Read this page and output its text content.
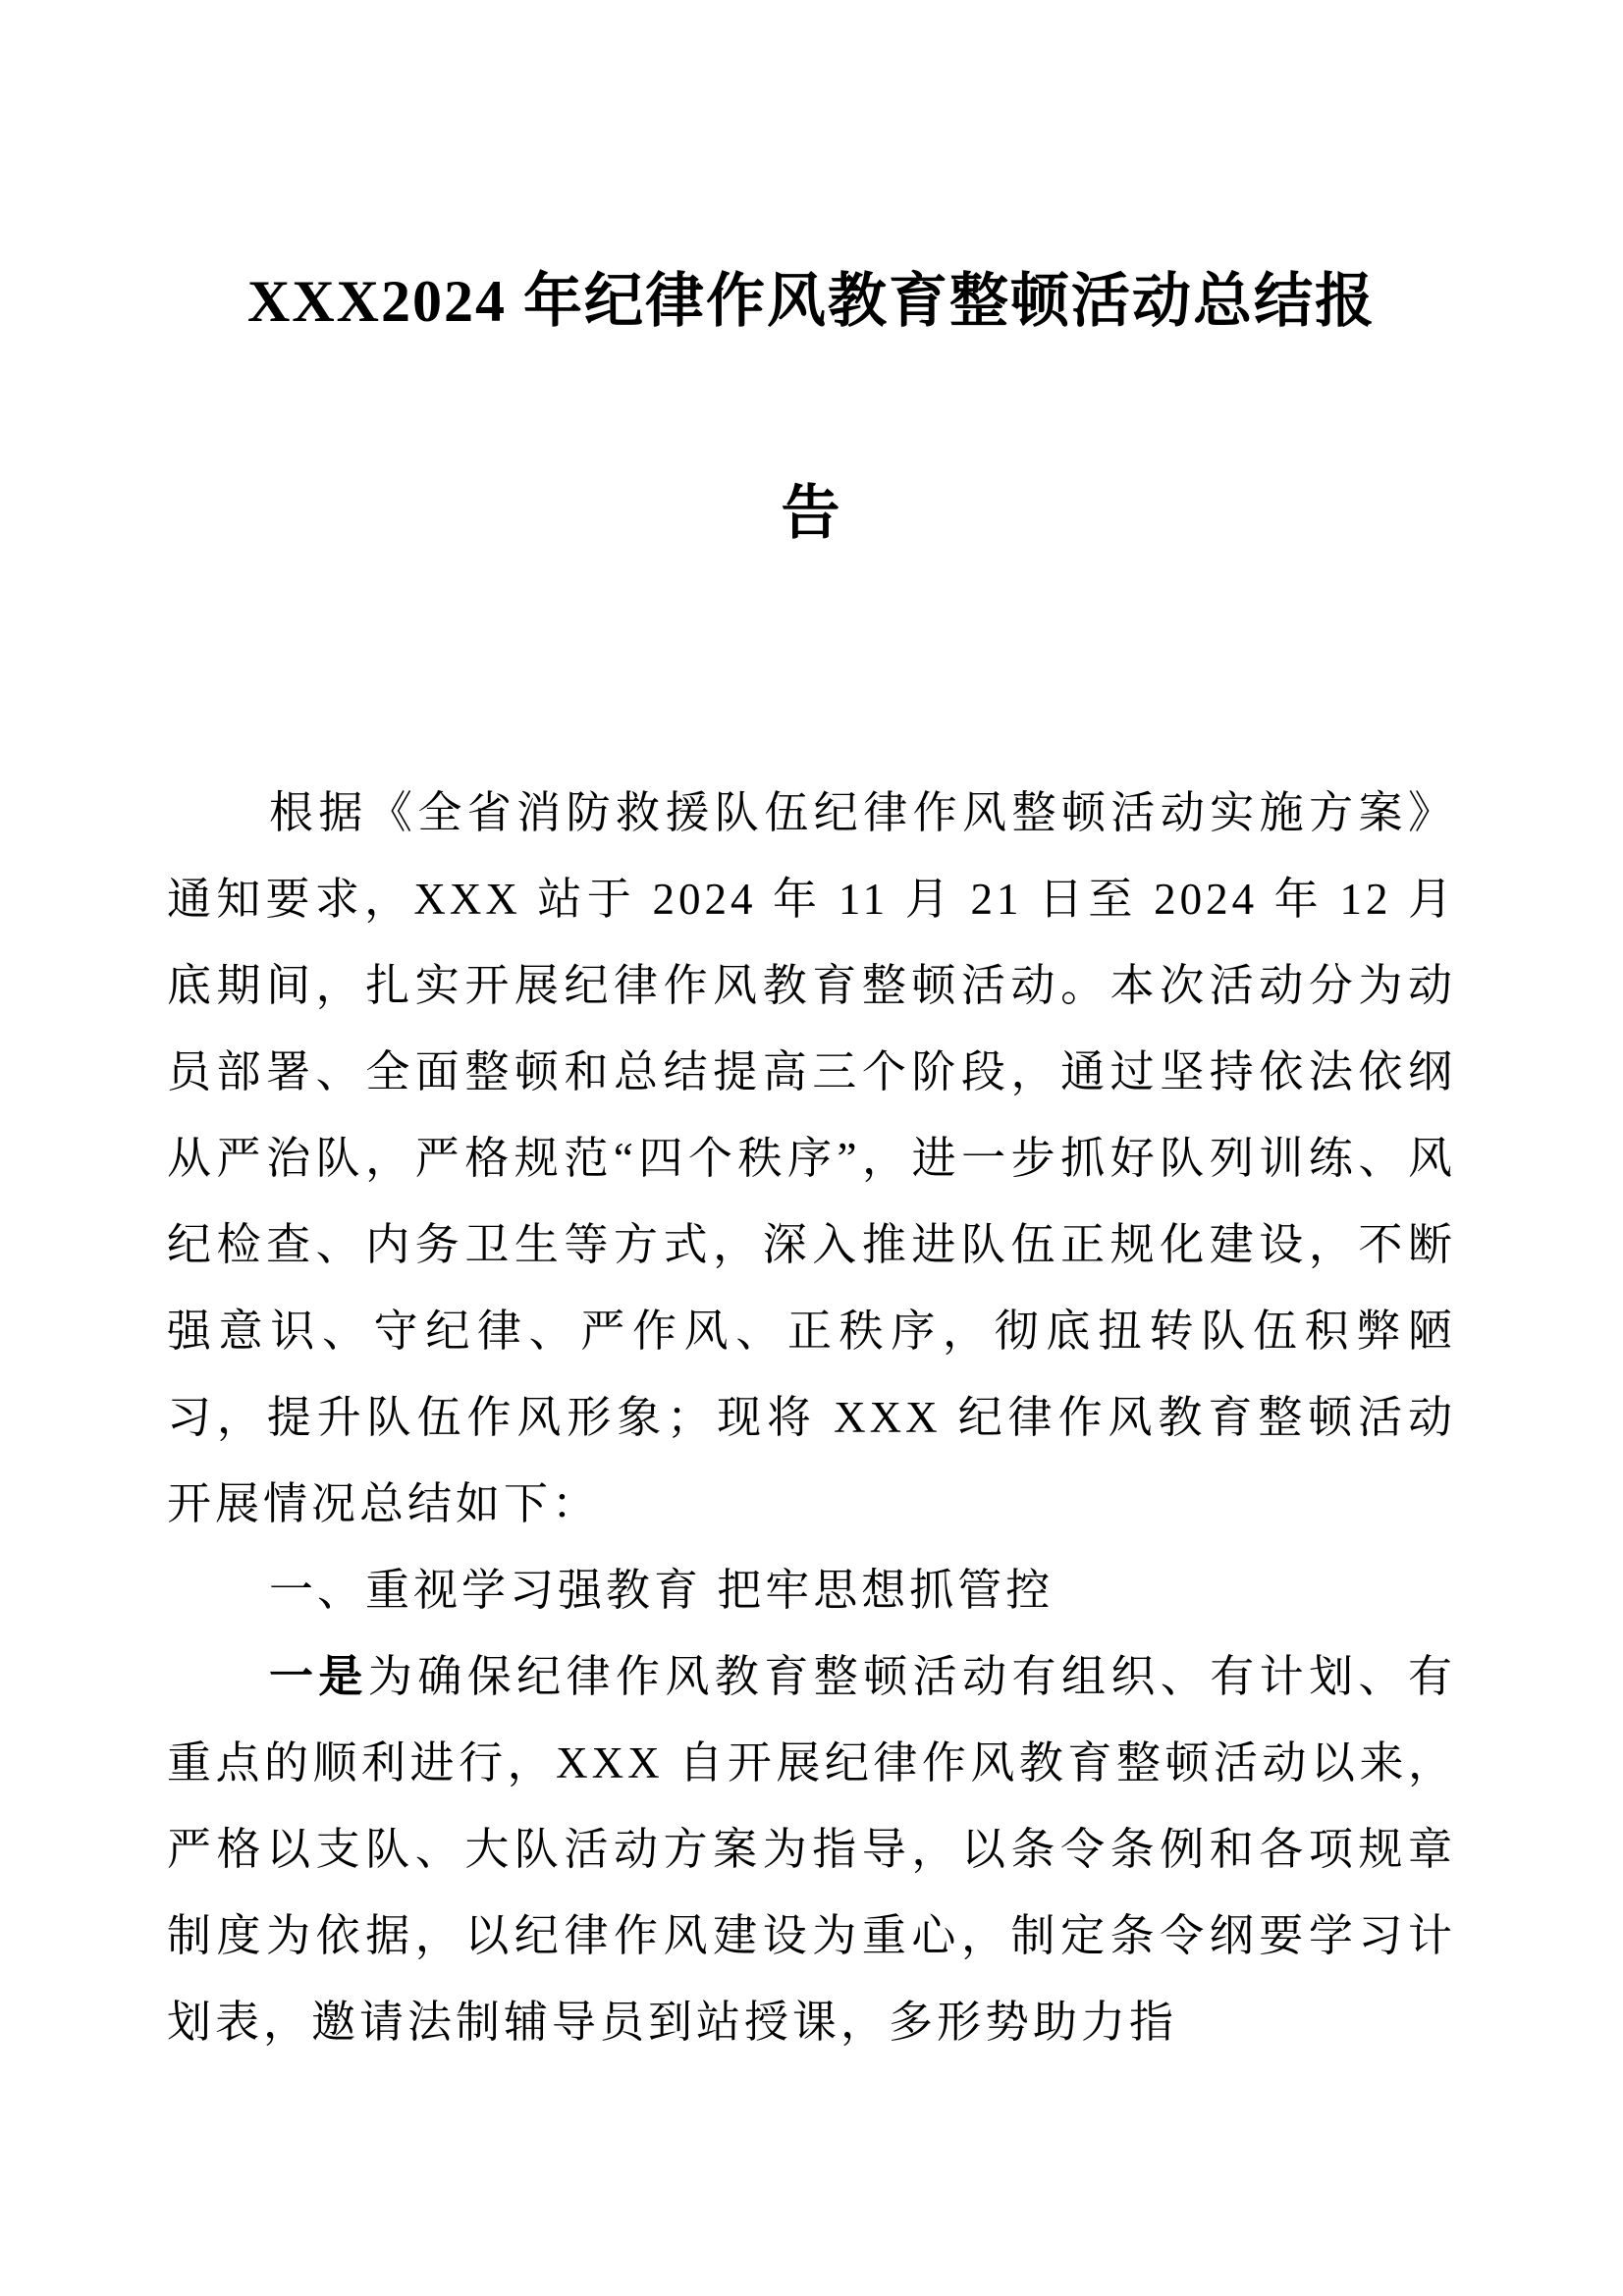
XXX2024 年纪律作风教育整顿活动总结报
告

根据《全省消防救援队伍纪律作风整顿活动实施方案》通知要求，XXX 站于 2024 年 11 月 21 日至 2024 年 12 月底期间，扎实开展纪律作风教育整顿活动。本次活动分为动员部署、全面整顿和总结提高三个阶段，通过坚持依法依纲从严治队，严格规范“四个秩序”，进一步抓好队列训练、风纪检查、内务卫生等方式，深入推进队伍正规化建设，不断强意识、守纪律、严作风、正秩序，彻底扭转队伍积弊陋习，提升队伍作风形象；现将 XXX 纪律作风教育整顿活动开展情况总结如下：

一、重视学习强教育 把牢思想抓管控

一是为确保纪律作风教育整顿活动有组织、有计划、有重点的顺利进行，XXX 自开展纪律作风教育整顿活动以来，严格以支队、大队活动方案为指导，以条令条例和各项规章制度为依据，以纪律作风建设为重心，制定条令纲要学习计划表，邀请法制辅导员到站授课，多形势助力指
